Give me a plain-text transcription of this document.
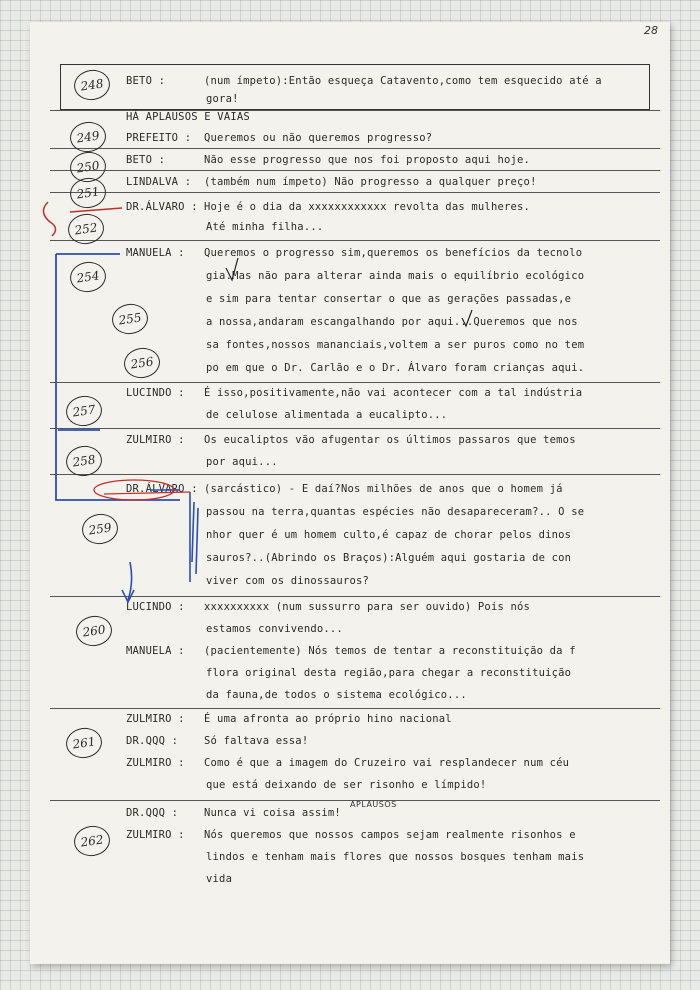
28
BETO :	(num ímpeto):Então esqueça Catavento,como tem esquecido até a
gora!
HÁ APLAUSOS E VAIAS
PREFEITO : Queremos ou não queremos progresso?
BETO :	Não esse progresso que nos foi proposto aqui hoje.
LINDALVA : (também num ímpeto) Não progresso a qualquer preço!
DR.ÁLVARO : Hoje é o dia da xxxxxxxxxxxx revolta das mulheres.
Até minha filha...
MANUELA : Queremos o progresso sim,queremos os benefícios da tecnolo
gia.Mas não para alterar ainda mais o equilíbrio ecológico
e sim para tentar consertar o que as gerações passadas,e
a nossa,andaram escangalhando por aqui...Queremos que nos
sa fontes,nossos mananciais,voltem a ser puros como no tem
po em que o Dr. Carlão e o Dr. Álvaro foram crianças aqui.
LUCINDO : É isso,positivamente,não vai acontecer com a tal indústria
de celulose alimentada a eucalipto...
ZULMIRO : Os eucaliptos vão afugentar os últimos passaros que temos
por aqui...
DR.ÁLVARO : (sarcástico) - E daí?Nos milhões de anos que o homem já
passou na terra,quantas espécies não desapareceram?.. O se
nhor quer é um homem culto,é capaz de chorar pelos dinos
sauros?..(Abrindo os Braços):Alguém aqui gostaria de con
viver com os dinossauros?
LUCINDO : xxxxxxxxxx (num sussurro para ser ouvido) Pois nós
estamos convivendo...
MANUELA : (pacientemente) Nós temos de tentar a reconstituição da f
flora original desta região,para chegar a reconstituição
da fauna,de todos o sistema ecológico...
ZULMIRO : É uma afronta ao próprio hino nacional
DR.QQQ : Só faltava essa!
ZULMIRO : Como é que a imagem do Cruzeiro vai resplandecer num céu
que está deixando de ser risonho e límpido!
DR.QQQ : Nunca vi coisa assim!
ZULMIRO : Nós queremos que nossos campos sejam realmente risonhos e
lindos e tenham mais flores que nossos bosques tenham mais
vida
APLAUSOS
248
249
250
251
252
254
255
256
257
258
259
260
261
262
